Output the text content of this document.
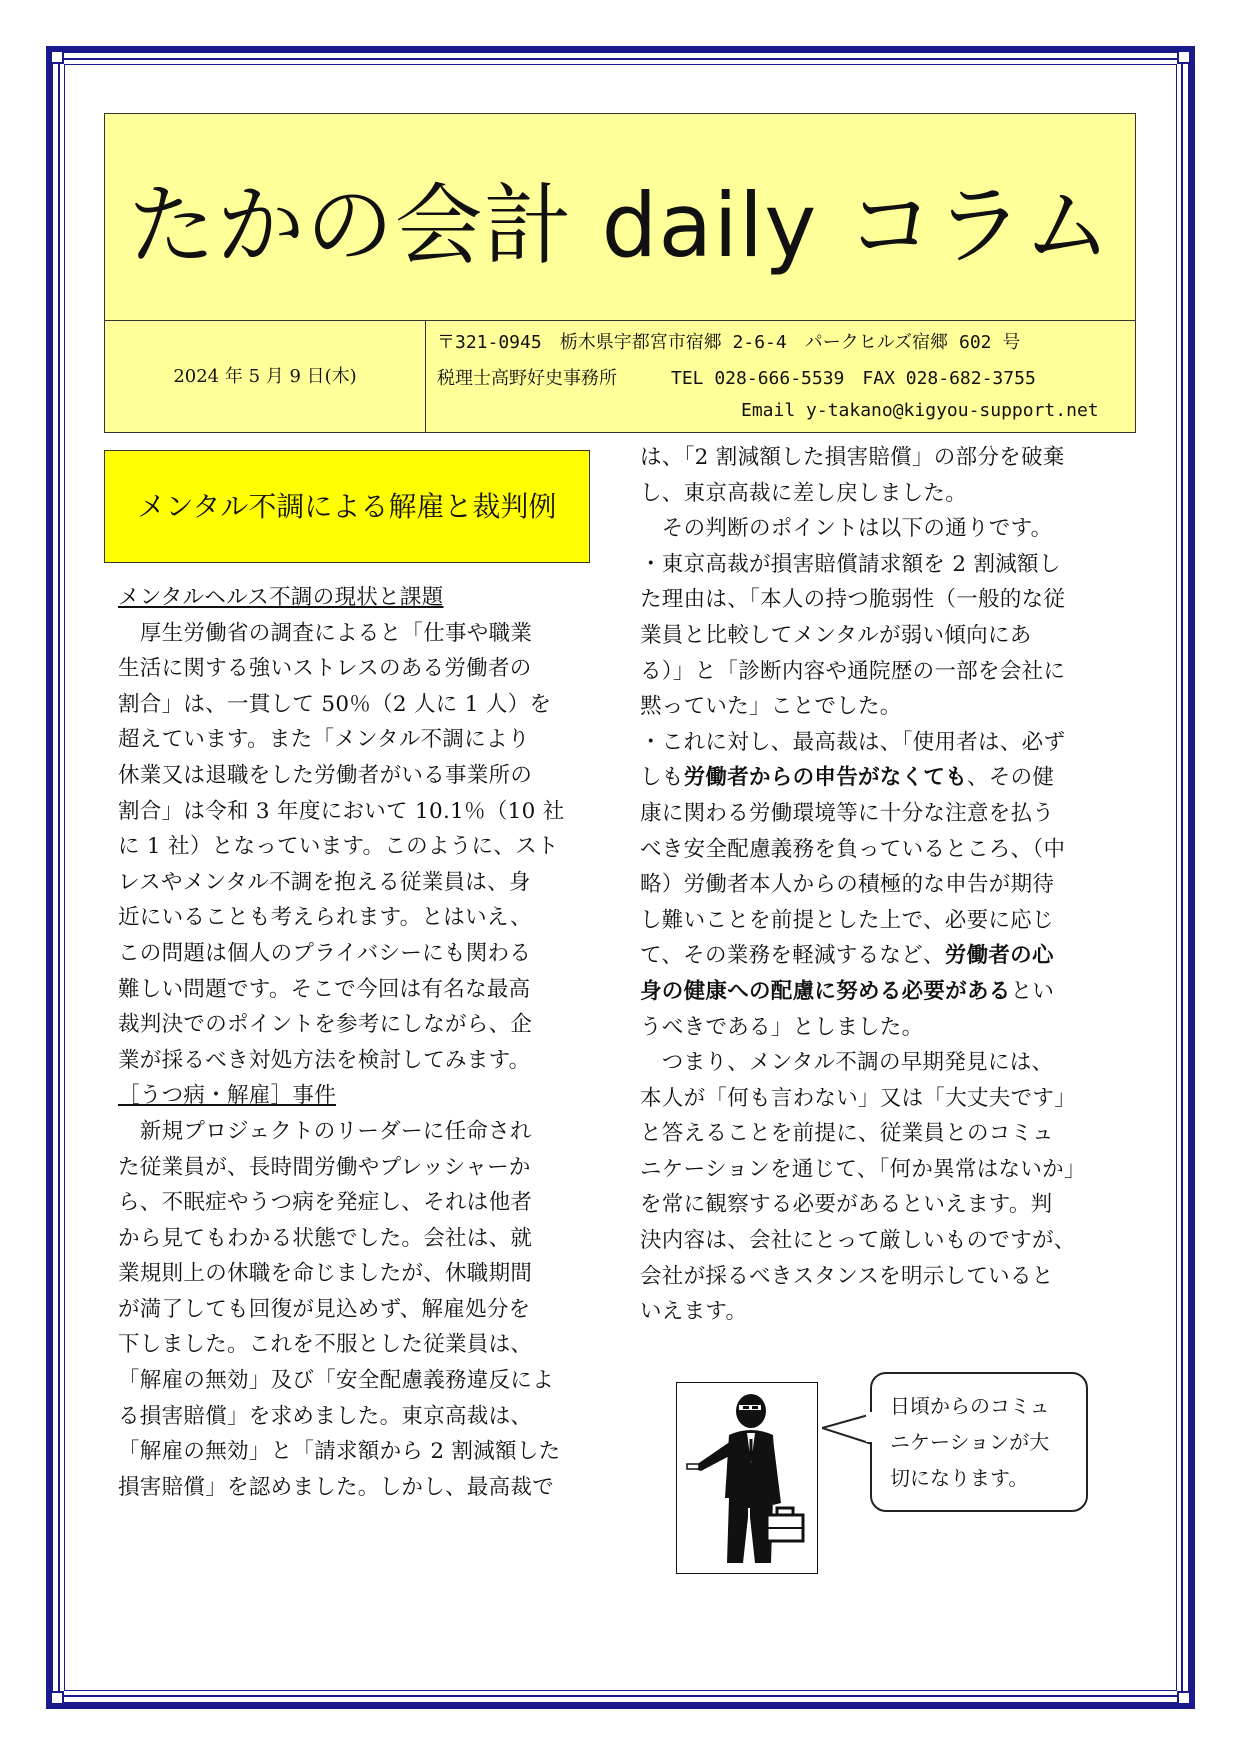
たかの会計 daily コラム
2024 年 5 月 9 日(木)
〒321-0945　栃木県宇都宮市宿郷 2-6-4　パークヒルズ宿郷 602 号
税理士高野好史事務所　　　TEL 028-666-5539　FAX 028-682-3755
Email y-takano@kigyou-support.net
メンタル不調による解雇と裁判例

メンタルヘルス不調の現状と課題

　厚生労働省の調査によると「仕事や職業

生活に関する強いストレスのある労働者の

割合」は、一貫して 50％（2 人に 1 人）を

超えています。また「メンタル不調により

休業又は退職をした労働者がいる事業所の

割合」は令和 3 年度において 10.1％（10 社

に 1 社）となっています。このように、スト

レスやメンタル不調を抱える従業員は、身

近にいることも考えられます。とはいえ、

この問題は個人のプライバシーにも関わる

難しい問題です。そこで今回は有名な最高

裁判決でのポイントを参考にしながら、企

業が採るべき対処方法を検討してみます。

［うつ病・解雇］事件

　新規プロジェクトのリーダーに任命され

た従業員が、長時間労働やプレッシャーか

ら、不眠症やうつ病を発症し、それは他者

から見てもわかる状態でした。会社は、就

業規則上の休職を命じましたが、休職期間

が満了しても回復が見込めず、解雇処分を

下しました。これを不服とした従業員は、

「解雇の無効」及び「安全配慮義務違反によ

る損害賠償」を求めました。東京高裁は、

「解雇の無効」と「請求額から 2 割減額した

損害賠償」を認めました。しかし、最高裁で

は、「2 割減額した損害賠償」の部分を破棄

し、東京高裁に差し戻しました。

　その判断のポイントは以下の通りです。

・東京高裁が損害賠償請求額を 2 割減額し

た理由は、「本人の持つ脆弱性（一般的な従

業員と比較してメンタルが弱い傾向にあ

る）」と「診断内容や通院歴の一部を会社に

黙っていた」ことでした。

・これに対し、最高裁は、「使用者は、必ず

しも労働者からの申告がなくても、その健

康に関わる労働環境等に十分な注意を払う

べき安全配慮義務を負っているところ、（中

略）労働者本人からの積極的な申告が期待

し難いことを前提とした上で、必要に応じ

て、その業務を軽減するなど、労働者の心

身の健康への配慮に努める必要があるとい

うべきである」としました。

　つまり、メンタル不調の早期発見には、

本人が「何も言わない」又は「大丈夫です」

と答えることを前提に、従業員とのコミュ

ニケーションを通じて、「何か異常はないか」

を常に観察する必要があるといえます。判

決内容は、会社にとって厳しいものですが、

会社が採るべきスタンスを明示していると

いえます。

日頃からのコミュ

ニケーションが大

切になります。
